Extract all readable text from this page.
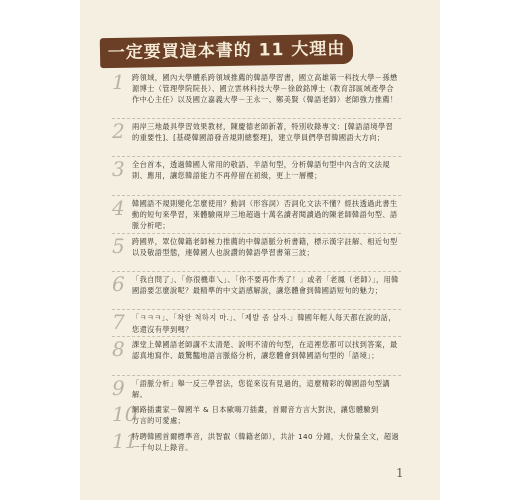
一定要買這本書的 11 大理由
1 跨領域，國內大學體系跨領域推薦的韓語學習書，國立高雄第一科技大學－孫懋源博士（管理學院院長）、國立雲林科技大學－徐啟銘博士（教育部區域產學合作中心主任）以及國立嘉義大學－王永一、鄭美賢（韓語老師）老師強力推薦！
2 兩岸三地最具學習效果教材，陳慶德老師新著，特別收錄專文：[韓語語境學習的重要性]、[基礎韓國語發音規則總整理]，建立學員們學習韓國語大方向；
3 全台首本，透過韓國人常用的敬語、半語句型，分析韓語句型中內含的文法規則、應用，讓您韓語能力不再停留在初級，更上一層樓；
4 韓國語不規則變化怎麼使用？動詞（形容詞）否詞化文法不懂？經扶透過此書生動的短句來學習，來體驗兩岸三地超過十萬名讀者閱讀過的陳老師韓語句型、語脈分析吧；
5 跨國界，眾位韓籍老師極力推薦的中韓語脈分析書籍，標示漢字註解、相近句型以及敬語型態，連韓國人也說讚的韓語學習書第三波；
6 「我自問了」、「你很機車乀」、「你不要再作秀了！」或者「老鳳（老師）」，用韓國語要怎麼說呢？最精準的中文語感解說，讓您體會到韓國語短句的魅力；
7 「ㅋㅋㅋ」、「착한 척하지 마.」、「제발 좀 살자.」韓國年輕人每天都在說的話，您還沒有學到嗎？
8 課堂上韓國語老師講不太清楚、說明不清的句型，在這裡您都可以找到答案，最認真地寫作、最驚豔地語言脈絡分析，讓您體會到韓國語句型的「語境」；
9 「語脈分析」舉一反三學習法，您從來沒有見過的，這麼精彩的韓國語句型講解。
10
網路插畫家－韓國羊 & 日本歐嗨刀插畫，首爾音方言大對決，讓您體驗到方言的可愛處；
11
特聘韓國首爾標準音，洪智叡（韓籍老師），共計 140 分鐘，大份量全文，超過一千句以上錄音。
1
